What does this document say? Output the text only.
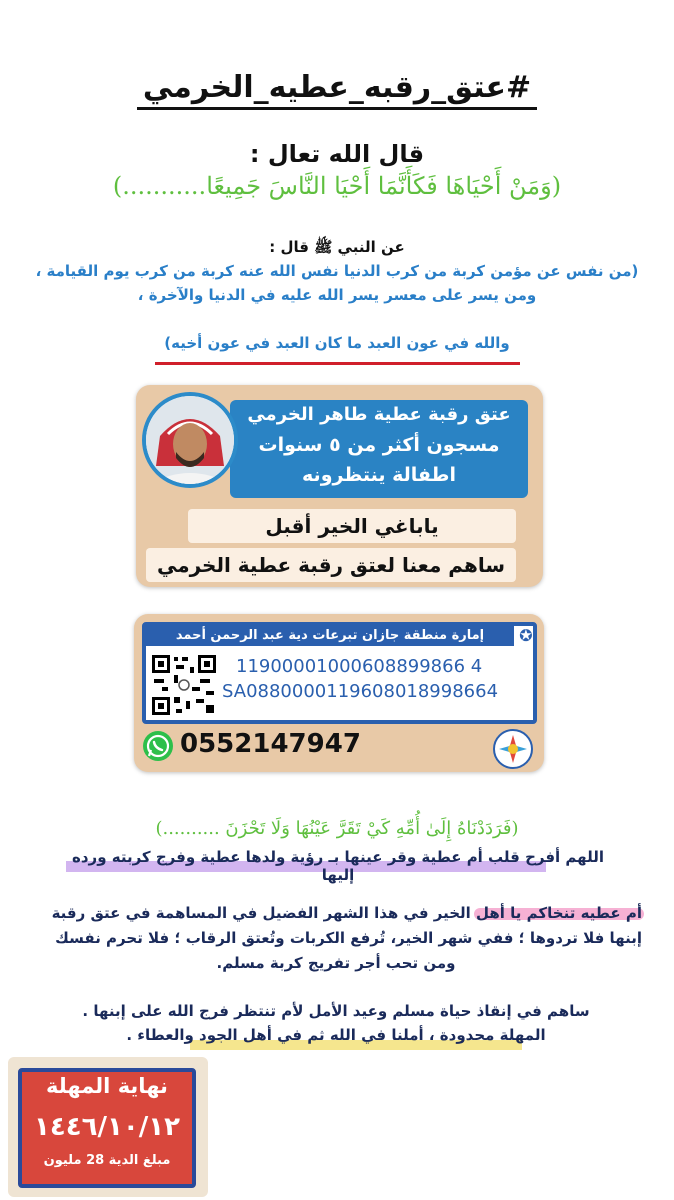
#عتق_رقبه_عطيه_الخرمي
قال الله تعال :
(وَمَنْ أَحْيَاهَا فَكَأَنَّمَا أَحْيَا النَّاسَ جَمِيعًا...........)
عن النبي ﷺ قال :
(من نفس عن مؤمن كربة من كرب الدنيا نفس الله عنه كربة من كرب يوم القيامة ،
ومن يسر على معسر يسر الله عليه في الدنيا والآخرة ،
والله في عون العبد ما كان العبد في عون أخيه)
عتق رقبة عطية طاهر الخرمي
مسجون أكثر من ٥ سنوات
اطفالة ينتظرونه
ياباغي الخير أقبل
ساهم معنا لعتق رقبة عطية الخرمي
إمارة منطقة جازان تبرعات دية عبد الرحمن أحمد	✪
11900001000608899866 4
SA0880000119608018998664
0552147947
(فَرَدَدْنَاهُ إِلَىٰ أُمِّهِ كَيْ تَقَرَّ عَيْنُهَا وَلَا تَحْزَنَ ..........)
اللهم أفرح قلب أم عطية وقر عينها بـ رؤية ولدها عطية وفرج كربته ورده إليها
أم عطيه تنخاكم يا أهل الخير في هذا الشهر الفضيل في المساهمة في عتق رقبة
إبنها فلا تردوها ؛ ففي شهر الخير، تُرفع الكربات وتُعتق الرقاب ؛ فلا تحرم نفسك
ومن تحب أجر تفريج كربة مسلم.
ساهم في إنقاذ حياة مسلم وعيد الأمل لأم تنتظر فرج الله على إبنها .
المهلة محدودة ، أملنا في الله ثم في أهل الجود والعطاء .
نهاية المهلة
١٤٤٦/١٠/١٢
مبلغ الدية 28 مليون
